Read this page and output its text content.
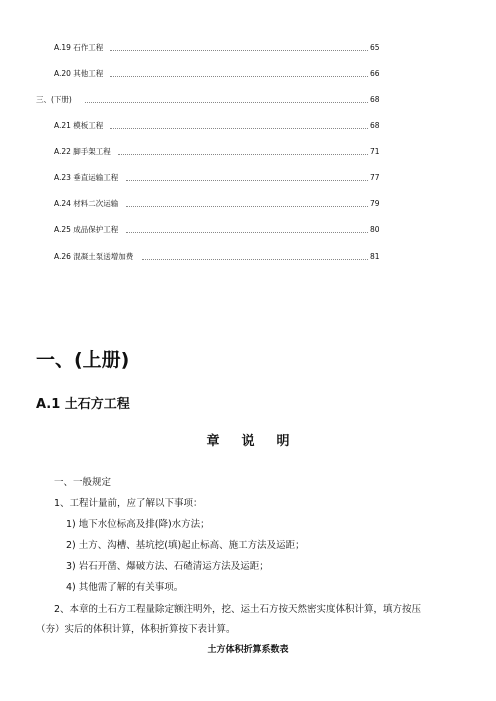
A.19 石作工程	65
A.20 其他工程	66
三、(下册)	68
A.21 模板工程	68
A.22 脚手架工程	71
A.23 垂直运输工程	77
A.24 材料二次运输	79
A.25 成品保护工程	80
A.26 混凝土泵送增加费	81
一、(上册)
A.1 土石方工程
章说明
一、一般规定
1、工程计量前，应了解以下事项：
1) 地下水位标高及排(降)水方法；
2) 土方、沟槽、基坑挖(填)起止标高、施工方法及运距；
3) 岩石开凿、爆破方法、石碴清运方法及运距；
4) 其他需了解的有关事项。
2、本章的土石方工程量除定额注明外，挖、运土石方按天然密实度体积计算，填方按压
（夯）实后的体积计算，体积折算按下表计算。
土方体积折算系数表
